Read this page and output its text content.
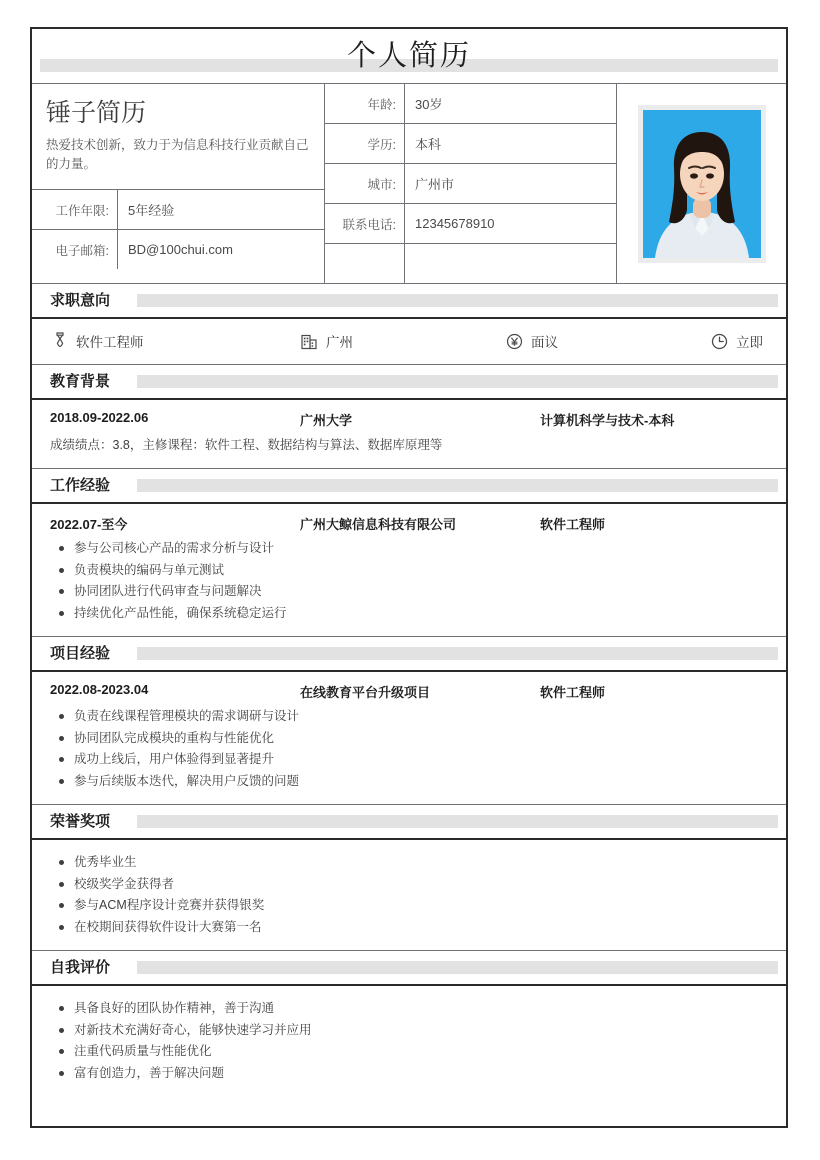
个人简历
锤子简历
热爱技术创新，致力于为信息科技行业贡献自己的力量。
工作年限:	5年经验
电子邮箱:	BD@100chui.com
年龄:	30岁
学历:	本科
城市:	广州市
联系电话:	12345678910
求职意向
软件工程师	广州	面议	立即
教育背景
2018.09-2022.06	广州大学	计算机科学与技术-本科
成绩绩点：3.8，主修课程：软件工程、数据结构与算法、数据库原理等
工作经验
2022.07-至今	广州大鲸信息科技有限公司	软件工程师
参与公司核心产品的需求分析与设计
负责模块的编码与单元测试
协同团队进行代码审查与问题解决
持续优化产品性能，确保系统稳定运行
项目经验
2022.08-2023.04	在线教育平台升级项目	软件工程师
负责在线课程管理模块的需求调研与设计
协同团队完成模块的重构与性能优化
成功上线后，用户体验得到显著提升
参与后续版本迭代，解决用户反馈的问题
荣誉奖项
优秀毕业生
校级奖学金获得者
参与ACM程序设计竞赛并获得银奖
在校期间获得软件设计大赛第一名
自我评价
具备良好的团队协作精神，善于沟通
对新技术充满好奇心，能够快速学习并应用
注重代码质量与性能优化
富有创造力，善于解决问题
